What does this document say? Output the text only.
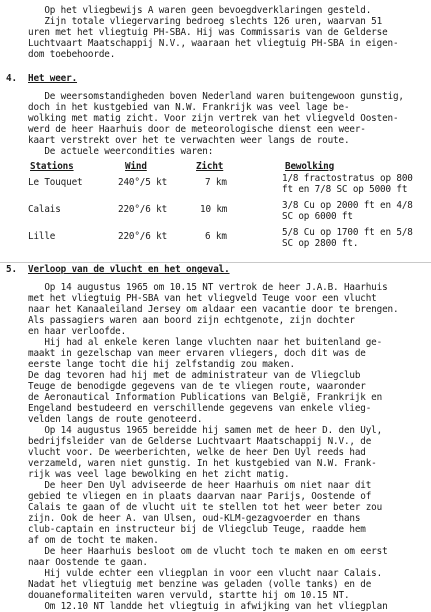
Op het vliegbewijs A waren geen bevoegdverklaringen gesteld.
Zijn totale vliegervaring bedroeg slechts 126 uren, waarvan 51
uren met het vliegtuig PH-SBA. Hij was Commissaris van de Gelderse
Luchtvaart Maatschappij N.V., waaraan het vliegtuig PH-SBA in eigen-
dom toebehoorde.
4. Het weer.
De weersomstandigheden boven Nederland waren buitengewoon gunstig,
doch in het kustgebied van N.W. Frankrijk was veel lage be-
wolking met matig zicht. Voor zijn vertrek van het vliegveld Oosten-
werd de heer Haarhuis door de meteorologische dienst een weer-
kaart verstrekt over het te verwachten weer langs de route.
De actuele weercondities waren:
Stations	Wind	Zicht	Bewolking
Le Touquet	240°/5 kt	7 km	1/8 fractostratus op 800
ft en 7/8 SC op 5000 ft
Calais	220°/6 kt	10 km	3/8 Cu op 2000 ft en 4/8
SC op 6000 ft
Lille	220°/6 kt	6 km	5/8 Cu op 1700 ft en 5/8
SC op 2800 ft.
5. Verloop van de vlucht en het ongeval.
Op 14 augustus 1965 om 10.15 NT vertrok de heer J.A.B. Haarhuis
met het vliegtuig PH-SBA van het vliegveld Teuge voor een vlucht
naar het Kanaaleiland Jersey om aldaar een vacantie door te brengen.
Als passagiers waren aan boord zijn echtgenote, zijn dochter
en haar verloofde.
Hij had al enkele keren lange vluchten naar het buitenland ge-
maakt in gezelschap van meer ervaren vliegers, doch dit was de
eerste lange tocht die hij zelfstandig zou maken.
De dag tevoren had hij met de administrateur van de Vliegclub
Teuge de benodigde gegevens van de te vliegen route, waaronder
de Aeronautical Information Publications van België, Frankrijk en
Engeland bestudeerd en verschillende gegevens van enkele vlieg-
velden langs de route genoteerd.
Op 14 augustus 1965 bereidde hij samen met de heer D. den Uyl,
bedrijfsleider van de Gelderse Luchtvaart Maatschappij N.V., de
vlucht voor. De weerberichten, welke de heer Den Uyl reeds had
verzameld, waren niet gunstig. In het kustgebied van N.W. Frank-
rijk was veel lage bewolking en het zicht matig.
De heer Den Uyl adviseerde de heer Haarhuis om niet naar dit
gebied te vliegen en in plaats daarvan naar Parijs, Oostende of
Calais te gaan of de vlucht uit te stellen tot het weer beter zou
zijn. Ook de heer A. van Ulsen, oud-KLM-gezagvoerder en thans
club-captain en instructeur bij de Vliegclub Teuge, raadde hem
af om de tocht te maken.
De heer Haarhuis besloot om de vlucht toch te maken en om eerst
naar Oostende te gaan.
Hij vulde echter een vliegplan in voor een vlucht naar Calais.
Nadat het vliegtuig met benzine was geladen (volle tanks) en de
douaneformaliteiten waren vervuld, startte hij om 10.15 NT.
Om 12.10 NT landde het vliegtuig in afwijking van het vliegplan
